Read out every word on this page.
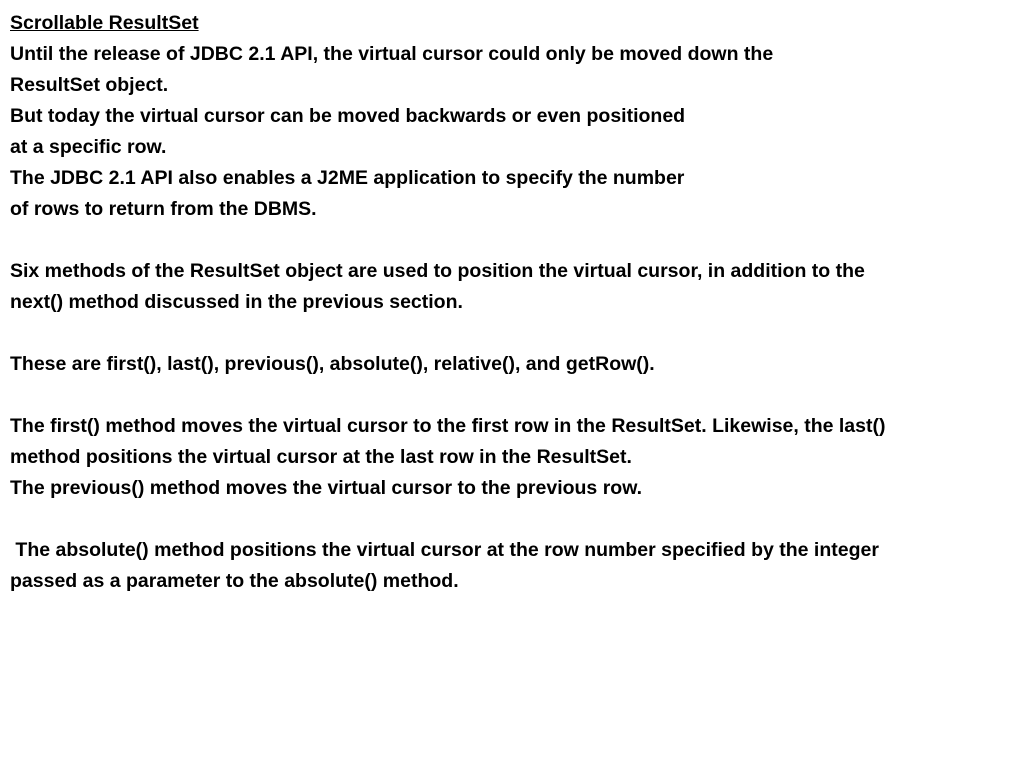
Scrollable ResultSet
Until the release of JDBC 2.1 API, the virtual cursor could only be moved down the
ResultSet object.
But today the virtual cursor can be moved backwards or even positioned
at a specific row.
The JDBC 2.1 API also enables a J2ME application to specify the number
of rows to return from the DBMS.
Six methods of the ResultSet object are used to position the virtual cursor, in addition to the
next() method discussed in the previous section.
These are first(), last(), previous(), absolute(), relative(), and getRow().
The first() method moves the virtual cursor to the first row in the ResultSet. Likewise, the last()
method positions the virtual cursor at the last row in the ResultSet.
The previous() method moves the virtual cursor to the previous row.
The absolute() method positions the virtual cursor at the row number specified by the integer
passed as a parameter to the absolute() method.
